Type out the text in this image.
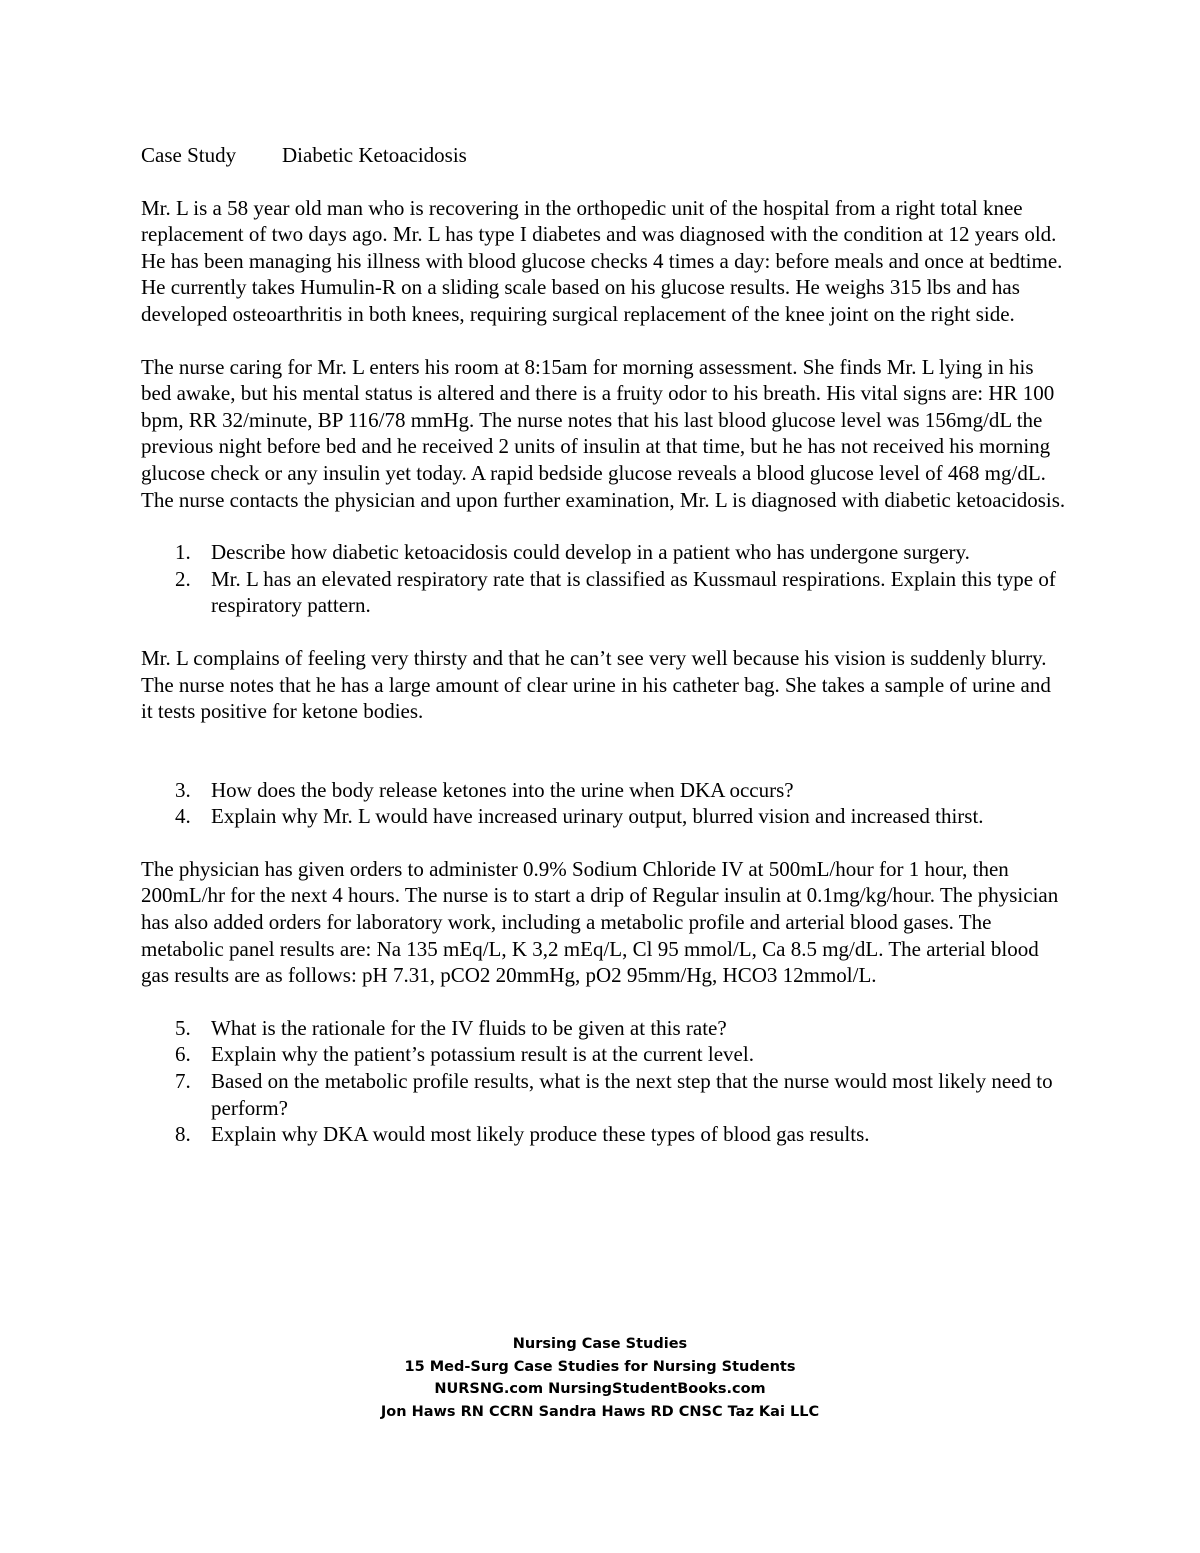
Case Study Diabetic Ketoacidosis

Mr. L is a 58 year old man who is recovering in the orthopedic unit of the hospital from a right total knee replacement of two days ago. Mr. L has type I diabetes and was diagnosed with the condition at 12 years old. He has been managing his illness with blood glucose checks 4 times a day: before meals and once at bedtime. He currently takes Humulin-R on a sliding scale based on his glucose results. He weighs 315 lbs and has developed osteoarthritis in both knees, requiring surgical replacement of the knee joint on the right side.

The nurse caring for Mr. L enters his room at 8:15am for morning assessment. She finds Mr. L lying in his bed awake, but his mental status is altered and there is a fruity odor to his breath. His vital signs are: HR 100 bpm, RR 32/minute, BP 116/78 mmHg. The nurse notes that his last blood glucose level was 156mg/dL the previous night before bed and he received 2 units of insulin at that time, but he has not received his morning glucose check or any insulin yet today. A rapid bedside glucose reveals a blood glucose level of 468 mg/dL. The nurse contacts the physician and upon further examination, Mr. L is diagnosed with diabetic ketoacidosis.

1. Describe how diabetic ketoacidosis could develop in a patient who has undergone surgery.
2. Mr. L has an elevated respiratory rate that is classified as Kussmaul respirations. Explain this type of respiratory pattern.

Mr. L complains of feeling very thirsty and that he can’t see very well because his vision is suddenly blurry. The nurse notes that he has a large amount of clear urine in his catheter bag. She takes a sample of urine and it tests positive for ketone bodies.

3. How does the body release ketones into the urine when DKA occurs?
4. Explain why Mr. L would have increased urinary output, blurred vision and increased thirst.

The physician has given orders to administer 0.9% Sodium Chloride IV at 500mL/hour for 1 hour, then 200mL/hr for the next 4 hours. The nurse is to start a drip of Regular insulin at 0.1mg/kg/hour. The physician has also added orders for laboratory work, including a metabolic profile and arterial blood gases. The metabolic panel results are: Na 135 mEq/L, K 3,2 mEq/L, Cl 95 mmol/L, Ca 8.5 mg/dL. The arterial blood gas results are as follows: pH 7.31, pCO2 20mmHg, pO2 95mm/Hg, HCO3 12mmol/L.

5. What is the rationale for the IV fluids to be given at this rate?
6. Explain why the patient’s potassium result is at the current level.
7. Based on the metabolic profile results, what is the next step that the nurse would most likely need to perform?
8. Explain why DKA would most likely produce these types of blood gas results.
Nursing Case Studies
15 Med-Surg Case Studies for Nursing Students
NURSNG.com NursingStudentBooks.com
Jon Haws RN CCRN Sandra Haws RD CNSC Taz Kai LLC
